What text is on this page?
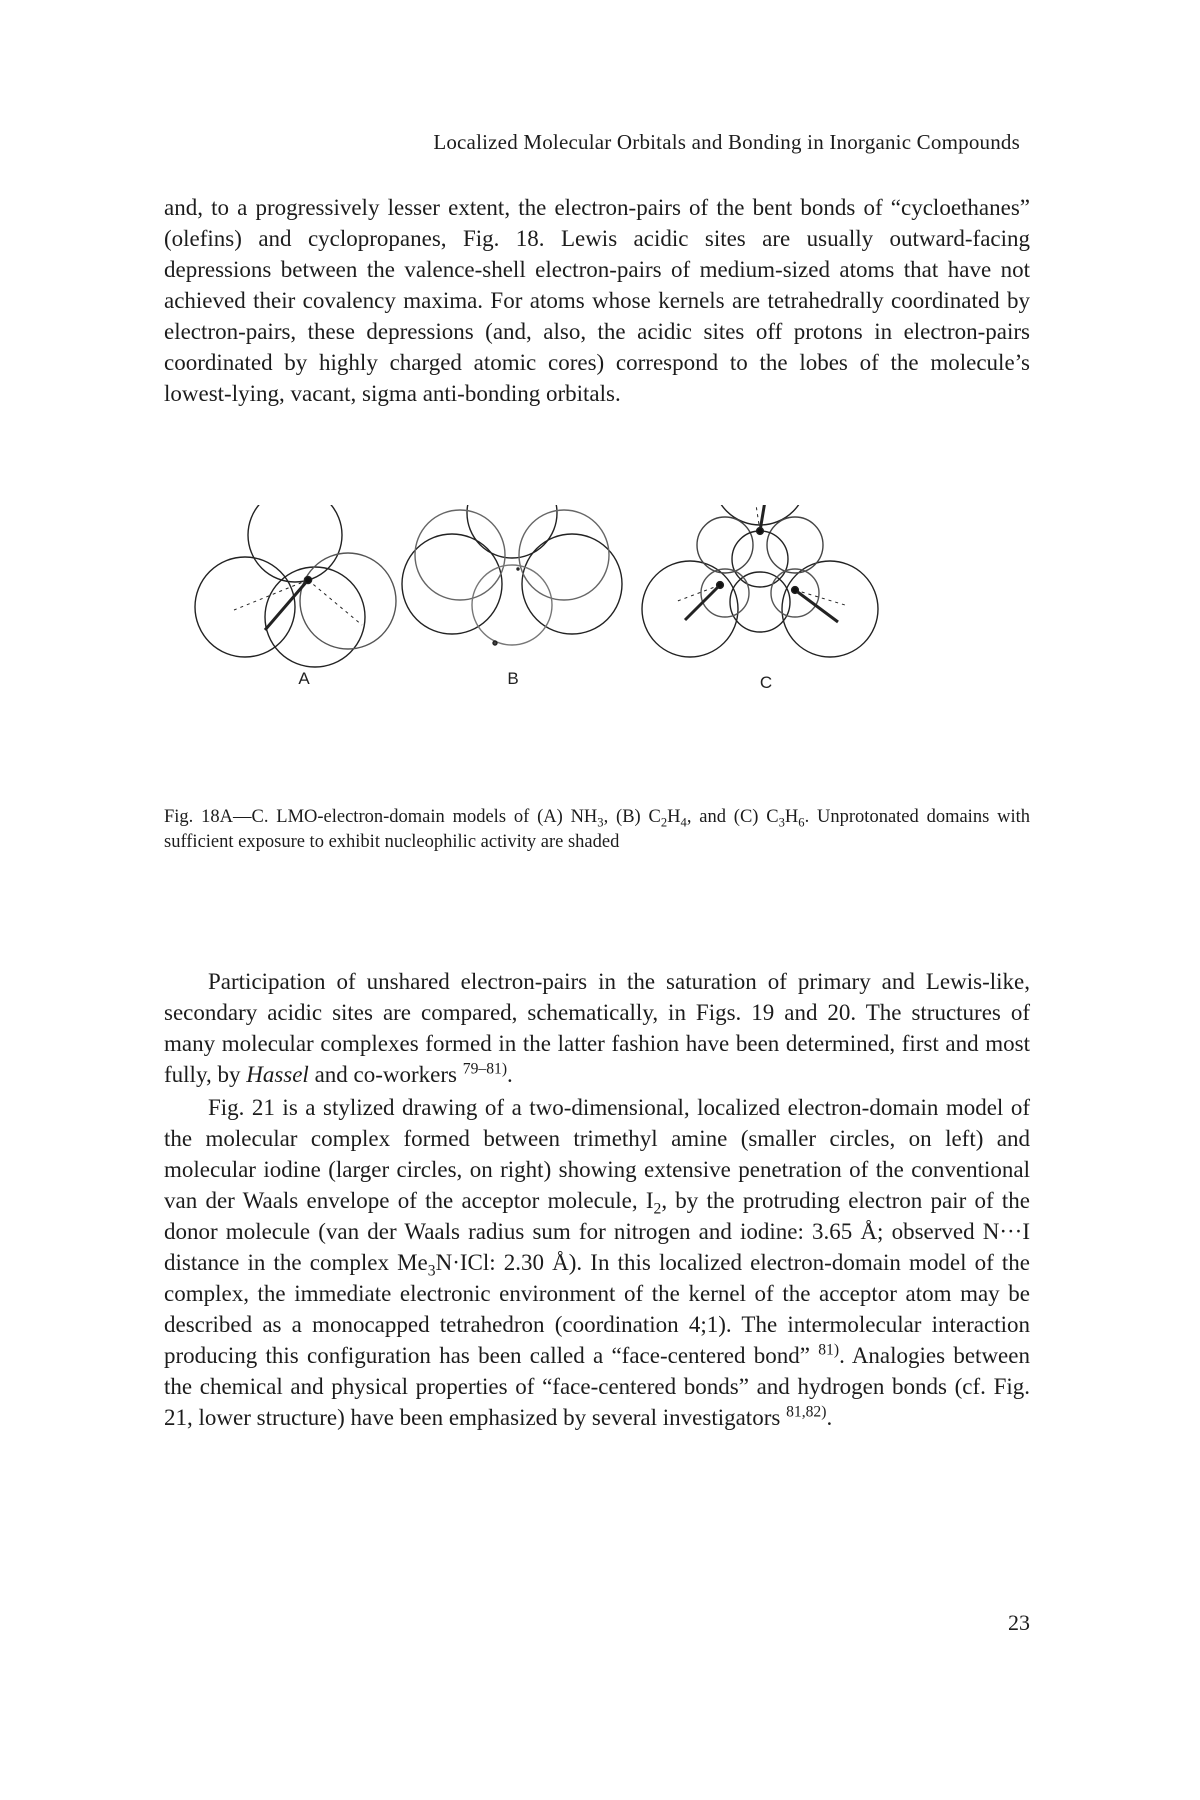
Localized Molecular Orbitals and Bonding in Inorganic Compounds

and, to a progressively lesser extent, the electron-pairs of the bent bonds of “cycloethanes” (olefins) and cyclopropanes, Fig. 18. Lewis acidic sites are usually outward-facing depressions between the valence-shell electron-pairs of medium-sized atoms that have not achieved their covalency maxima. For atoms whose kernels are tetrahedrally coordinated by electron-pairs, these depressions (and, also, the acidic sites off protons in electron-pairs coordinated by highly charged atomic cores) correspond to the lobes of the molecule’s lowest-lying, vacant, sigma anti-bonding orbitals.

A	B	C

Fig. 18A—C. LMO-electron-domain models of (A) $NH_3$, (B) $C_2H_4$, and (C) $C_3H_6$. Unprotonated domains with sufficient exposure to exhibit nucleophilic activity are shaded

Participation of unshared electron-pairs in the saturation of primary and Lewis-like, secondary acidic sites are compared, schematically, in Figs. 19 and 20. The structures of many molecular complexes formed in the latter fashion have been determined, first and most fully, by Hassel and co-workers $^{79-81)}$.

Fig. 21 is a stylized drawing of a two-dimensional, localized electron-domain model of the molecular complex formed between trimethyl amine (smaller circles, on left) and molecular iodine (larger circles, on right) showing extensive penetration of the conventional van der Waals envelope of the acceptor molecule, $I_2$, by the protruding electron pair of the donor molecule (van der Waals radius sum for nitrogen and iodine: 3.65 Å; observed N···I distance in the complex $Me_3N\cdot ICl$: 2.30 Å). In this localized electron-domain model of the complex, the immediate electronic environment of the kernel of the acceptor atom may be described as a monocapped tetrahedron (coordination 4;1). The intermolecular interaction producing this configuration has been called a “face-centered bond” $^{81)}$. Analogies between the chemical and physical properties of “face-centered bonds” and hydrogen bonds (cf. Fig. 21, lower structure) have been emphasized by several investigators $^{81,82)}$.

23
